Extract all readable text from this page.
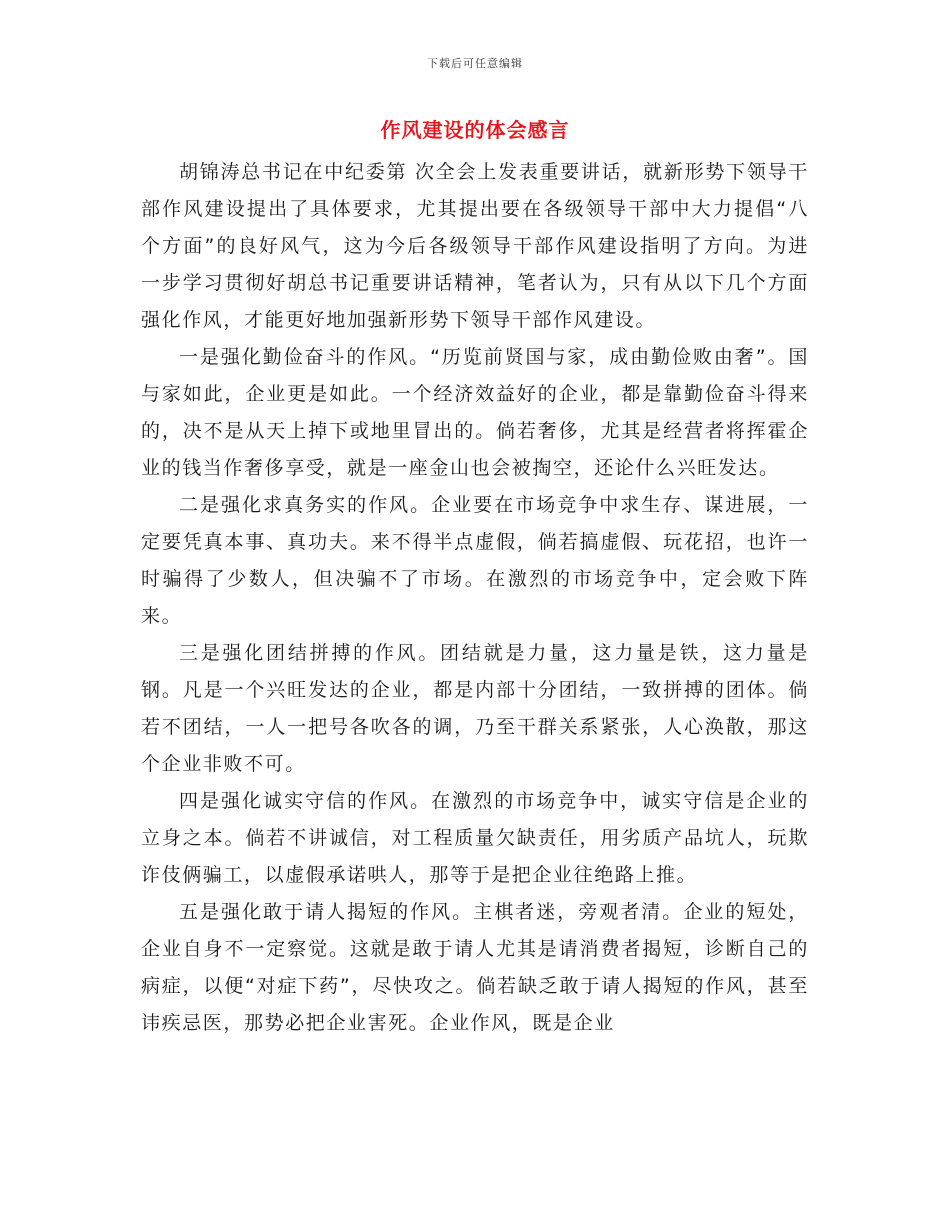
下载后可任意编辑
作风建设的体会感言

胡锦涛总书记在中纪委第 次全会上发表重要讲话，就新形势下领导干部作风建设提出了具体要求，尤其提出要在各级领导干部中大力提倡“八个方面”的良好风气，这为今后各级领导干部作风建设指明了方向。为进一步学习贯彻好胡总书记重要讲话精神，笔者认为，只有从以下几个方面强化作风，才能更好地加强新形势下领导干部作风建设。

一是强化勤俭奋斗的作风。“历览前贤国与家，成由勤俭败由奢”。国与家如此，企业更是如此。一个经济效益好的企业，都是靠勤俭奋斗得来的，决不是从天上掉下或地里冒出的。倘若奢侈，尤其是经营者将挥霍企业的钱当作奢侈享受，就是一座金山也会被掏空，还论什么兴旺发达。

二是强化求真务实的作风。企业要在市场竞争中求生存、谋进展，一定要凭真本事、真功夫。来不得半点虚假，倘若搞虚假、玩花招，也许一时骗得了少数人，但决骗不了市场。在激烈的市场竞争中，定会败下阵来。

三是强化团结拼搏的作风。团结就是力量，这力量是铁，这力量是钢。凡是一个兴旺发达的企业，都是内部十分团结，一致拼搏的团体。倘若不团结，一人一把号各吹各的调，乃至干群关系紧张，人心涣散，那这个企业非败不可。

四是强化诚实守信的作风。在激烈的市场竞争中，诚实守信是企业的立身之本。倘若不讲诚信，对工程质量欠缺责任，用劣质产品坑人，玩欺诈伎俩骗工，以虚假承诺哄人，那等于是把企业往绝路上推。

五是强化敢于请人揭短的作风。主棋者迷，旁观者清。企业的短处，企业自身不一定察觉。这就是敢于请人尤其是请消费者揭短，诊断自己的病症，以便“对症下药”，尽快攻之。倘若缺乏敢于请人揭短的作风，甚至讳疾忌医，那势必把企业害死。企业作风，既是企业
